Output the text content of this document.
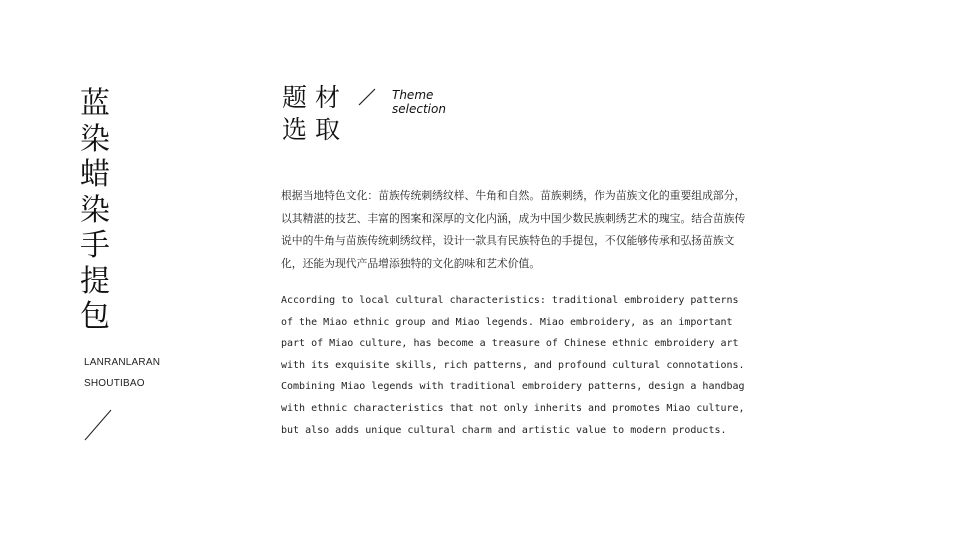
蓝染蜡染手提包
LANRANLARAN
SHOUTIBAO
题材
选取
Theme
selection

根据当地特色文化：苗族传统刺绣纹样、牛角和自然。苗族刺绣，作为苗族文化的重要组成部分，以其精湛的技艺、丰富的图案和深厚的文化内涵，成为中国少数民族刺绣艺术的瑰宝。结合苗族传说中的牛角与苗族传统刺绣纹样，设计一款具有民族特色的手提包，不仅能够传承和弘扬苗族文化，还能为现代产品增添独特的文化韵味和艺术价值。

According to local cultural characteristics: traditional embroidery patterns of the Miao ethnic group and Miao legends. Miao embroidery, as an important part of Miao culture, has become a treasure of Chinese ethnic embroidery art with its exquisite skills, rich patterns, and profound cultural connotations. Combining Miao legends with traditional embroidery patterns, design a handbag with ethnic characteristics that not only inherits and promotes Miao culture, but also adds unique cultural charm and artistic value to modern products.
